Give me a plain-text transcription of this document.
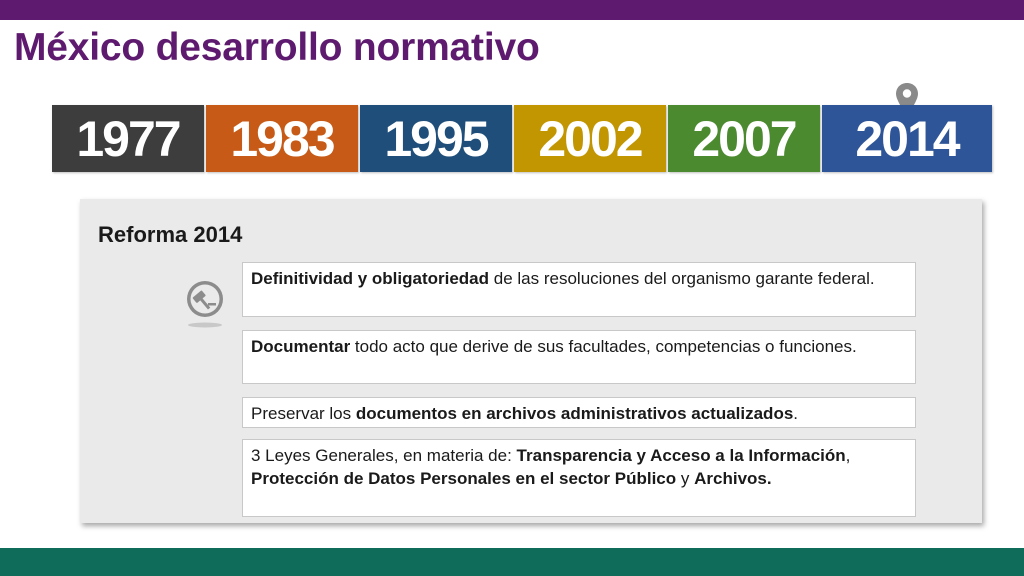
México desarrollo normativo
1977	1983	1995	2002	2007	2014
Reforma 2014
Definitividad y obligatoriedad de las resoluciones del organismo garante federal.
Documentar todo acto que derive de sus facultades, competencias o funciones.
Preservar los documentos en archivos administrativos actualizados.
3 Leyes Generales, en materia de: Transparencia y Acceso a la Información, Protección de Datos Personales en el sector Público y Archivos.
